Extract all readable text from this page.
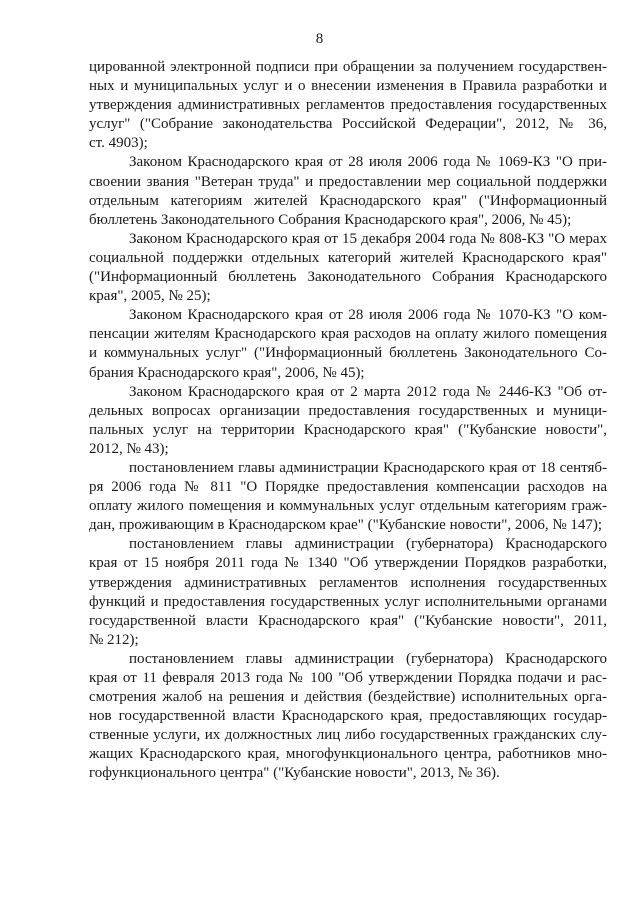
8
цированной электронной подписи при обращении за получением государствен-
ных и муниципальных услуг и о внесении изменения в Правила разработки и
утверждения административных регламентов предоставления государственных
услуг" ("Собрание законодательства Российской Федерации", 2012, № 36,
ст. 4903);
Законом Краснодарского края от 28 июля 2006 года № 1069-КЗ "О при-
своении звания "Ветеран труда" и предоставлении мер социальной поддержки
отдельным категориям жителей Краснодарского края" ("Информационный
бюллетень Законодательного Собрания Краснодарского края", 2006, № 45);
Законом Краснодарского края от 15 декабря 2004 года № 808-КЗ "О мерах
социальной поддержки отдельных категорий жителей Краснодарского края"
("Информационный бюллетень Законодательного Собрания Краснодарского
края", 2005, № 25);
Законом Краснодарского края от 28 июля 2006 года № 1070-КЗ "О ком-
пенсации жителям Краснодарского края расходов на оплату жилого помещения
и коммунальных услуг" ("Информационный бюллетень Законодательного Со-
брания Краснодарского края", 2006, № 45);
Законом Краснодарского края от 2 марта 2012 года № 2446-КЗ "Об от-
дельных вопросах организации предоставления государственных и муници-
пальных услуг на территории Краснодарского края" ("Кубанские новости",
2012, № 43);
постановлением главы администрации Краснодарского края от 18 сентяб-
ря 2006 года № 811 "О Порядке предоставления компенсации расходов на
оплату жилого помещения и коммунальных услуг отдельным категориям граж-
дан, проживающим в Краснодарском крае" ("Кубанские новости", 2006, № 147);
постановлением главы администрации (губернатора) Краснодарского
края от 15 ноября 2011 года № 1340 "Об утверждении Порядков разработки,
утверждения административных регламентов исполнения государственных
функций и предоставления государственных услуг исполнительными органами
государственной власти Краснодарского края" ("Кубанские новости", 2011,
№ 212);
постановлением главы администрации (губернатора) Краснодарского
края от 11 февраля 2013 года № 100 "Об утверждении Порядка подачи и рас-
смотрения жалоб на решения и действия (бездействие) исполнительных орга-
нов государственной власти Краснодарского края, предоставляющих государ-
ственные услуги, их должностных лиц либо государственных гражданских слу-
жащих Краснодарского края, многофункционального центра, работников мно-
гофункционального центра" ("Кубанские новости", 2013, № 36).
